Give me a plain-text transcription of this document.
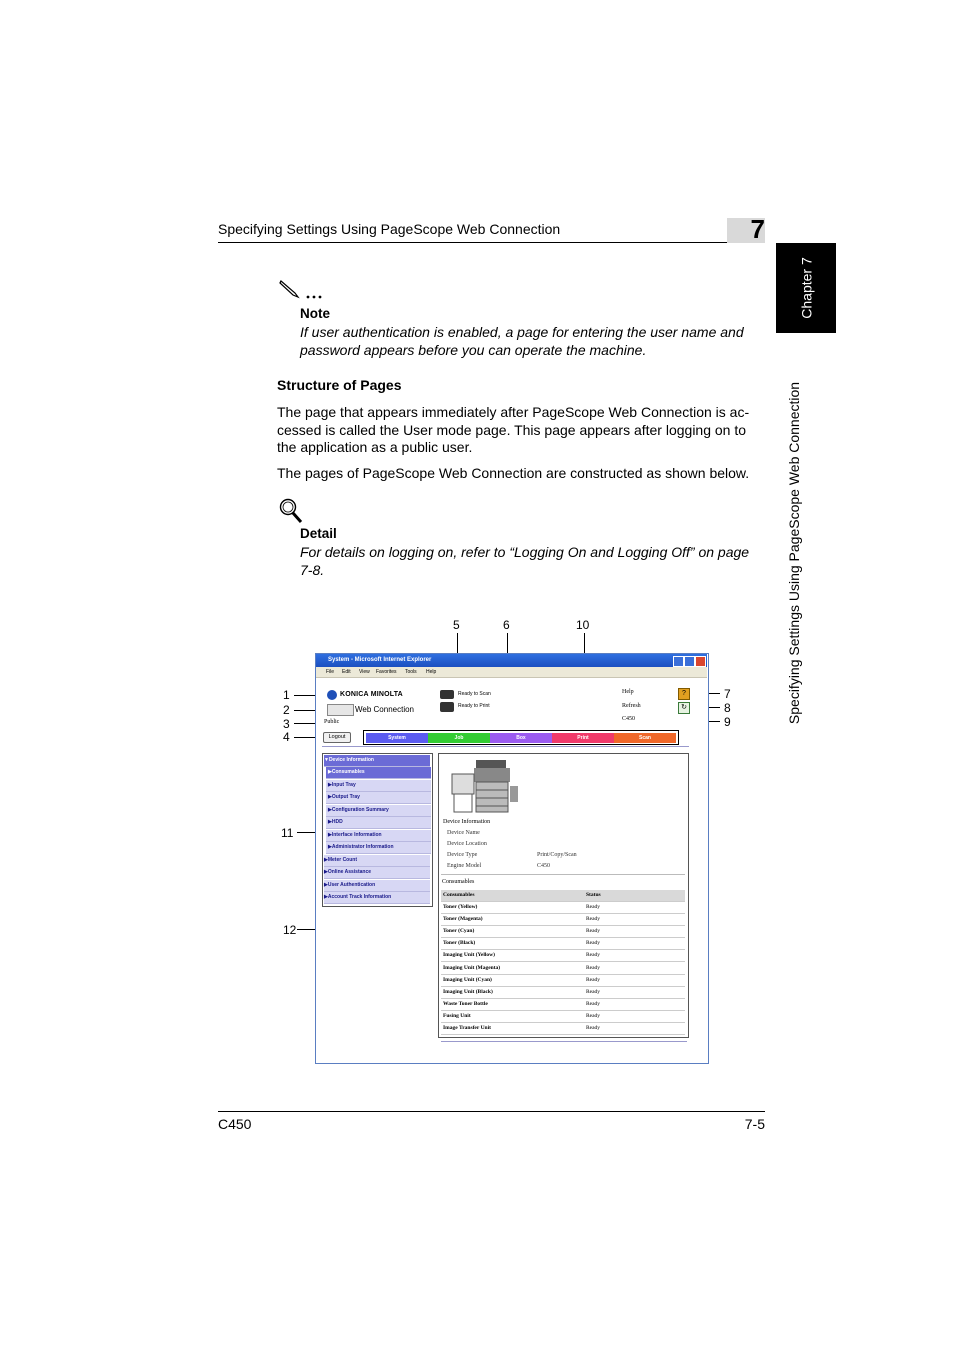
Specifying Settings Using PageScope Web Connection	7
Chapter 7
Specifying Settings Using PageScope Web Connection
Note
If user authentication is enabled, a page for entering the user name and password appears before you can operate the machine.
Structure of Pages
The page that appears immediately after PageScope Web Connection is ac-cessed is called the User mode page. This page appears after logging on to the application as a public user.
The pages of PageScope Web Connection are constructed as shown below.
Detail
For details on logging on, refer to “Logging On and Logging Off” on page 7-8.
5	6	10
1
2
3
4
11
12
7
8
9
System - Microsoft Internet Explorer
File Edit View Favorites Tools Help
KONICA MINOLTA
Web Connection
Public
Logout
Ready to Scan
Ready to Print
Help	?
Refresh	↻
C450
System	Job	Box	Print	Scan
▼Device Information
▶Consumables
▶Input Tray
▶Output Tray
▶Configuration Summary
▶HDD
▶Interface Information
▶Administrator Information
▶Meter Count
▶Online Assistance
▶User Authentication
▶Account Track Information
Device Information
Device Name
Device Location
Device Type	Print/Copy/Scan
Engine Model	C450
Consumables
Consumables	Status
Toner (Yellow)	Ready
Toner (Magenta)	Ready
Toner (Cyan)	Ready
Toner (Black)	Ready
Imaging Unit (Yellow)	Ready
Imaging Unit (Magenta)	Ready
Imaging Unit (Cyan)	Ready
Imaging Unit (Black)	Ready
Waste Toner Bottle	Ready
Fusing Unit	Ready
Image Transfer Unit	Ready
C450	7-5
